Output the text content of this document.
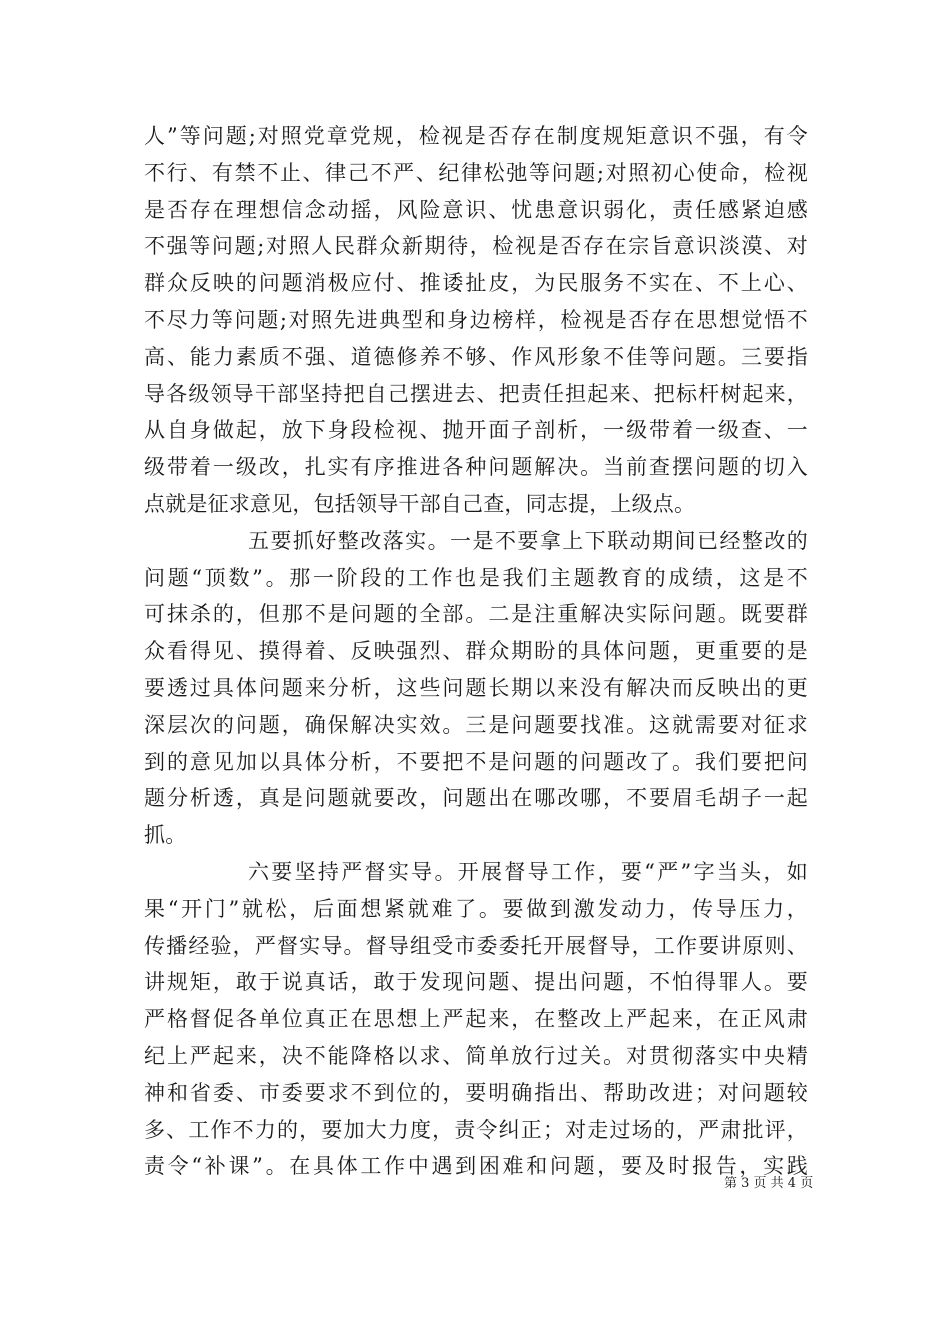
人”等问题;对照党章党规，检视是否存在制度规矩意识不强，有令
不行、有禁不止、律己不严、纪律松弛等问题;对照初心使命，检视
是否存在理想信念动摇，风险意识、忧患意识弱化，责任感紧迫感
不强等问题;对照人民群众新期待，检视是否存在宗旨意识淡漠、对
群众反映的问题消极应付、推诿扯皮，为民服务不实在、不上心、
不尽力等问题;对照先进典型和身边榜样，检视是否存在思想觉悟不
高、能力素质不强、道德修养不够、作风形象不佳等问题。三要指
导各级领导干部坚持把自己摆进去、把责任担起来、把标杆树起来，
从自身做起，放下身段检视、抛开面子剖析，一级带着一级查、一
级带着一级改，扎实有序推进各种问题解决。当前查摆问题的切入
点就是征求意见，包括领导干部自己查，同志提，上级点。
五要抓好整改落实。一是不要拿上下联动期间已经整改的
问题“顶数”。那一阶段的工作也是我们主题教育的成绩，这是不
可抹杀的，但那不是问题的全部。二是注重解决实际问题。既要群
众看得见、摸得着、反映强烈、群众期盼的具体问题，更重要的是
要透过具体问题来分析，这些问题长期以来没有解决而反映出的更
深层次的问题，确保解决实效。三是问题要找准。这就需要对征求
到的意见加以具体分析，不要把不是问题的问题改了。我们要把问
题分析透，真是问题就要改，问题出在哪改哪，不要眉毛胡子一起
抓。
六要坚持严督实导。开展督导工作，要“严”字当头，如
果“开门”就松，后面想紧就难了。要做到激发动力，传导压力，
传播经验，严督实导。督导组受市委委托开展督导，工作要讲原则、
讲规矩，敢于说真话，敢于发现问题、提出问题，不怕得罪人。要
严格督促各单位真正在思想上严起来，在整改上严起来，在正风肃
纪上严起来，决不能降格以求、简单放行过关。对贯彻落实中央精
神和省委、市委要求不到位的，要明确指出、帮助改进；对问题较
多、工作不力的，要加大力度，责令纠正；对走过场的，严肃批评，
责令“补课”。在具体工作中遇到困难和问题，要及时报告，实践
第 3 页 共 4 页
